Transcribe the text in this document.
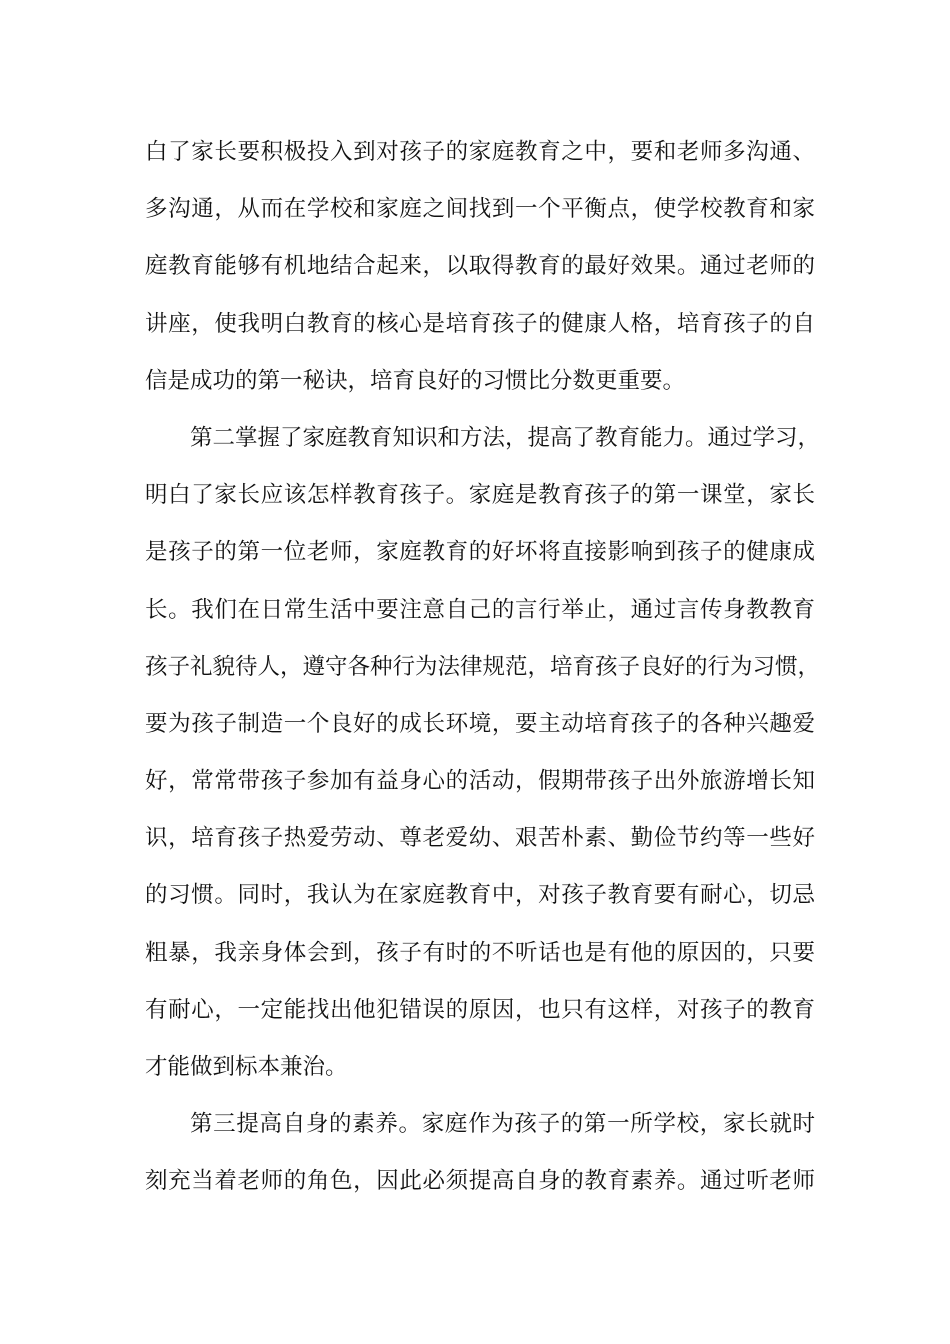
白了家长要积极投入到对孩子的家庭教育之中，要和老师多沟通、
多沟通，从而在学校和家庭之间找到一个平衡点，使学校教育和家
庭教育能够有机地结合起来，以取得教育的最好效果。通过老师的
讲座，使我明白教育的核心是培育孩子的健康人格，培育孩子的自
信是成功的第一秘诀，培育良好的习惯比分数更重要。
第二掌握了家庭教育知识和方法，提高了教育能力。通过学习，
明白了家长应该怎样教育孩子。家庭是教育孩子的第一课堂，家长
是孩子的第一位老师，家庭教育的好坏将直接影响到孩子的健康成
长。我们在日常生活中要注意自己的言行举止，通过言传身教教育
孩子礼貌待人，遵守各种行为法律规范，培育孩子良好的行为习惯，
要为孩子制造一个良好的成长环境，要主动培育孩子的各种兴趣爱
好，常常带孩子参加有益身心的活动，假期带孩子出外旅游增长知
识，培育孩子热爱劳动、尊老爱幼、艰苦朴素、勤俭节约等一些好
的习惯。同时，我认为在家庭教育中，对孩子教育要有耐心，切忌
粗暴，我亲身体会到，孩子有时的不听话也是有他的原因的，只要
有耐心，一定能找出他犯错误的原因，也只有这样，对孩子的教育
才能做到标本兼治。
第三提高自身的素养。家庭作为孩子的第一所学校，家长就时
刻充当着老师的角色，因此必须提高自身的教育素养。通过听老师
